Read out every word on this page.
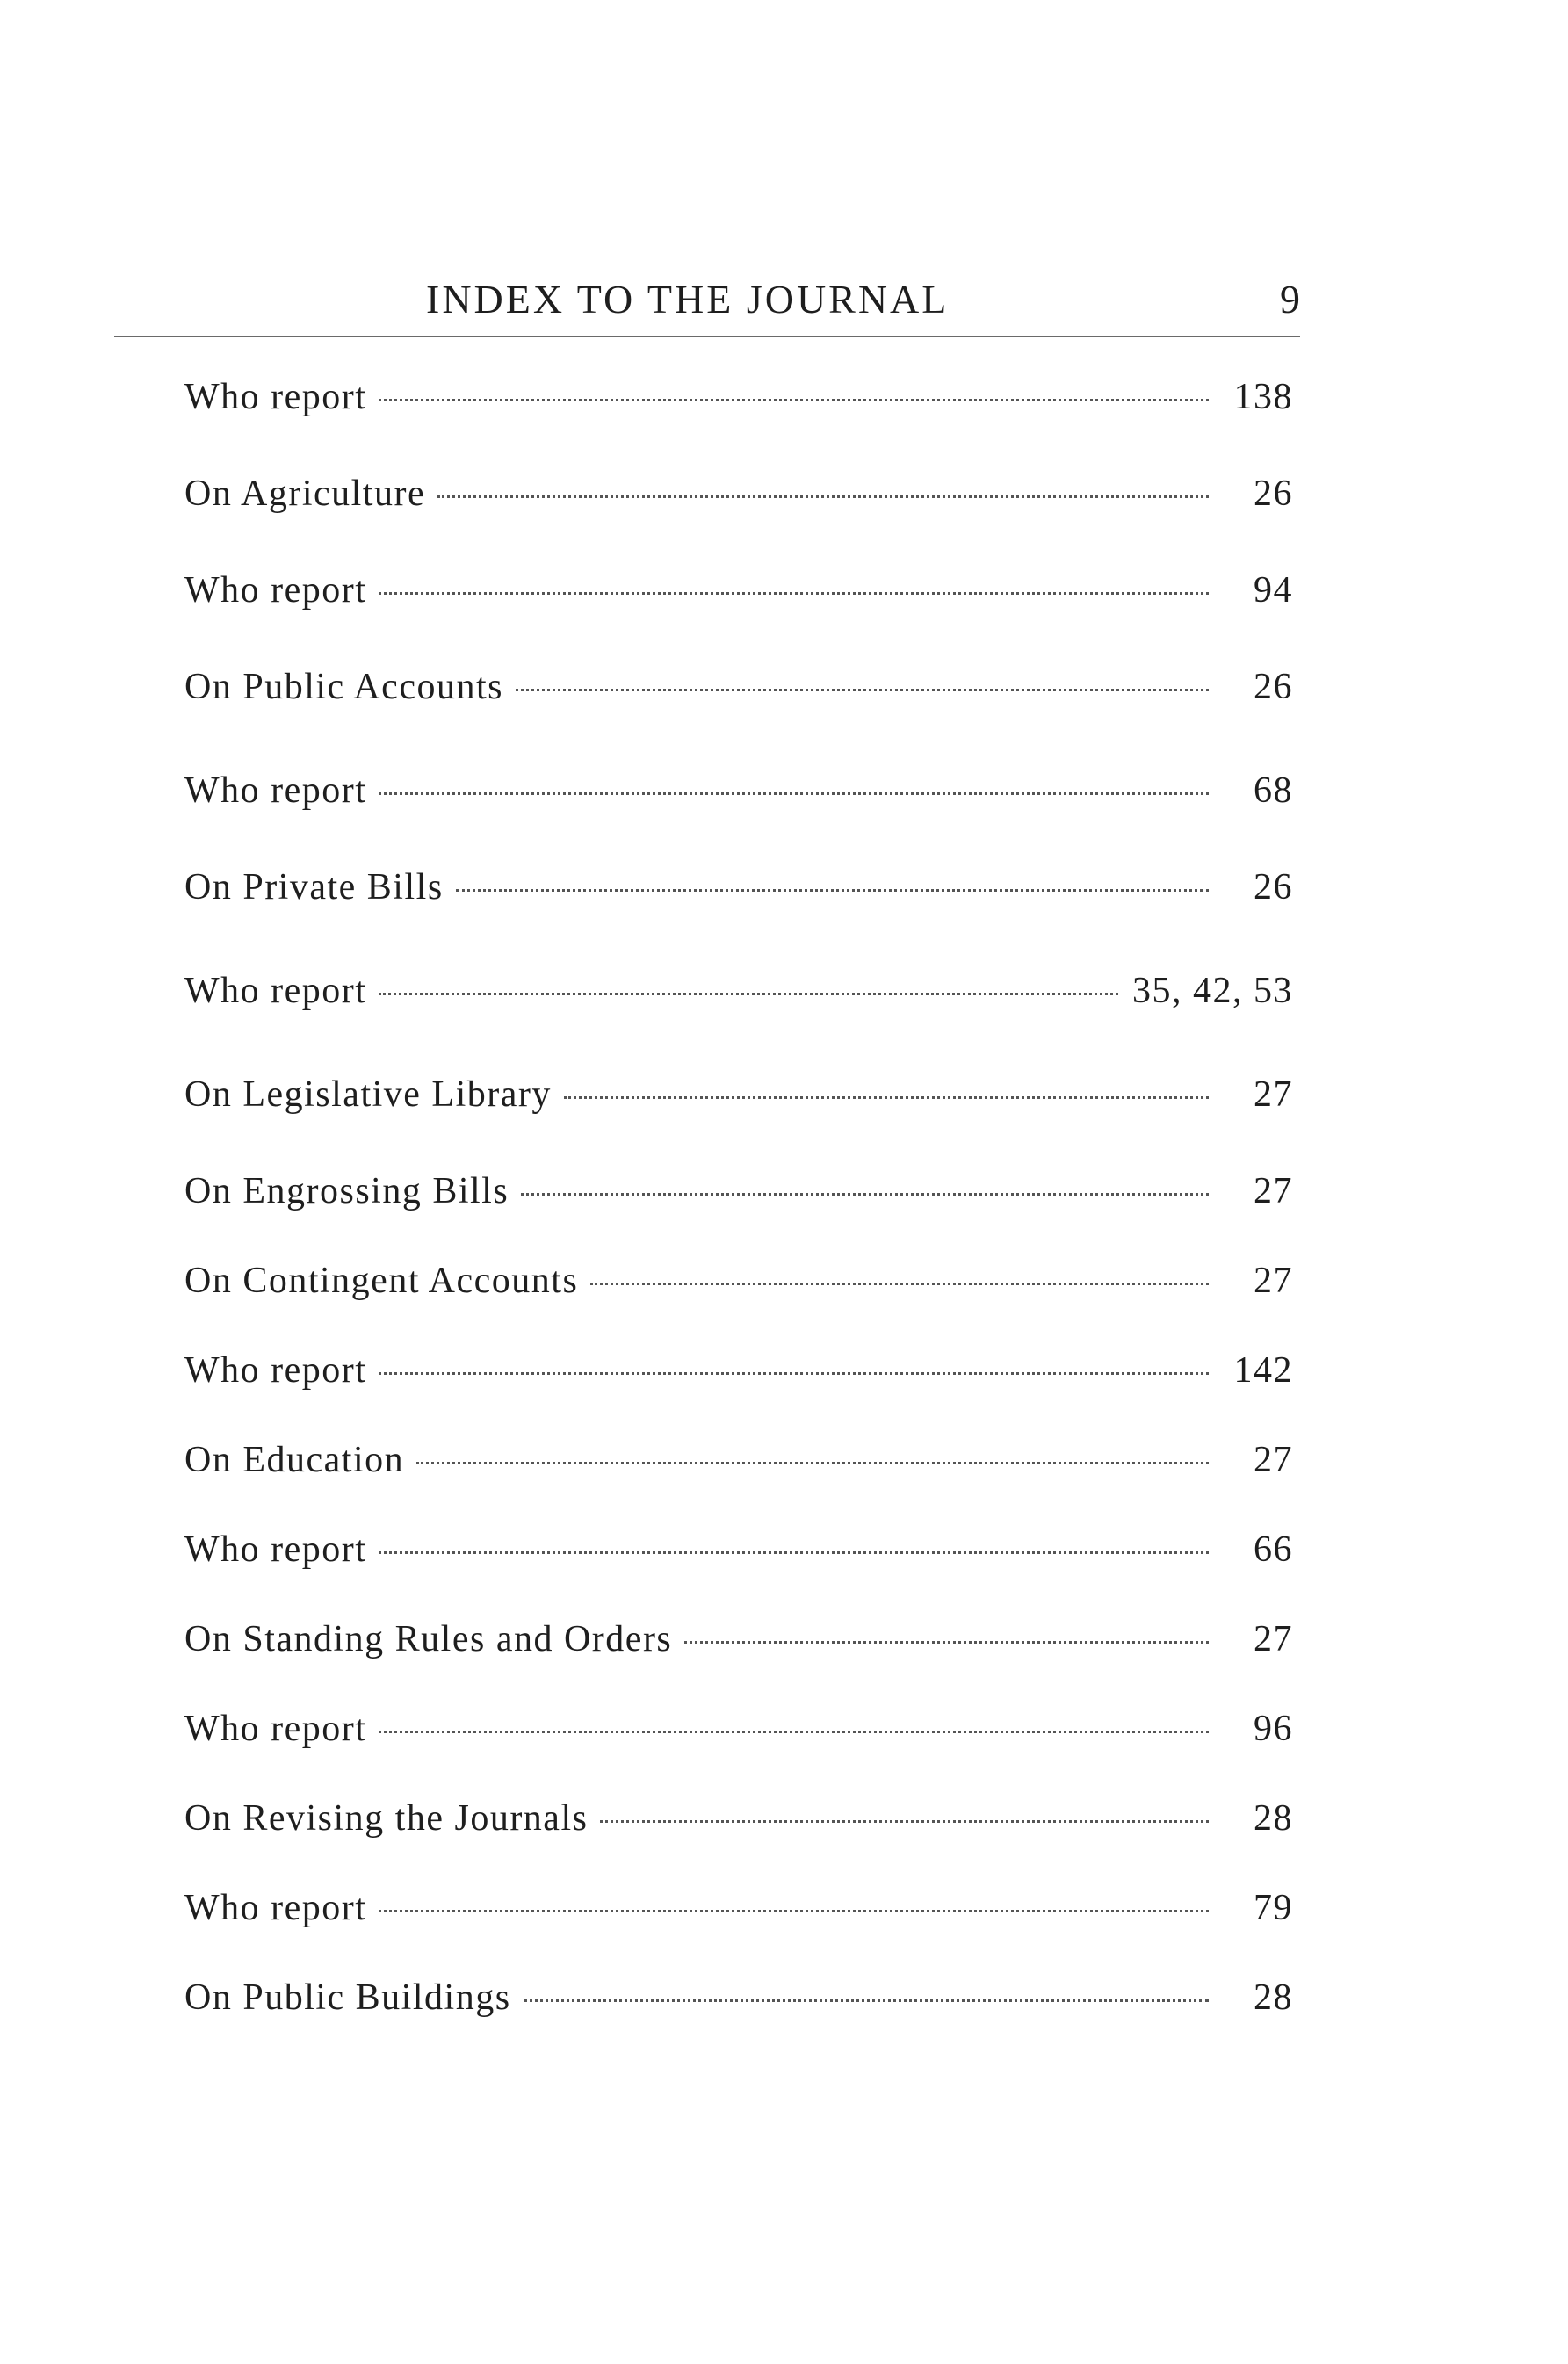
INDEX TO THE JOURNAL	9
Who report	138
On Agriculture	26
Who report	94
On Public Accounts	26
Who report	68
On Private Bills	26
Who report	35, 42, 53
On Legislative Library	27
On Engrossing Bills	27
On Contingent Accounts	27
Who report	142
On Education	27
Who report	66
On Standing Rules and Orders	27
Who report	96
On Revising the Journals	28
Who report	79
On Public Buildings	28
